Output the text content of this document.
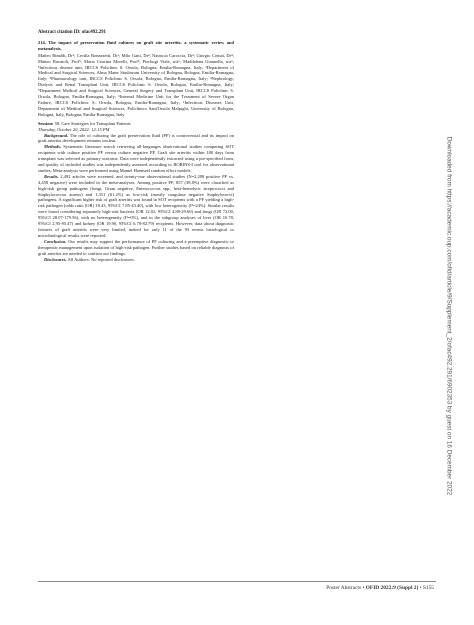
Abstract citation ID: ofac492.291

214. The impact of preservation fluid cultures on graft site arteritis: a systematic review and metanalysis.

Matteo Rinaldi, Dr¹; Cecilia Bonazzetti, Dr¹; Milo Gatti, Dr²; Natascia Caroccia, Dr³; Giorgio Comai, Dr⁴; Matteo Ravaioli, Prof⁵; Maria Cristina Morelli, Prof⁶; Pierluigi Viale, n/a¹; Maddalena Giannella, n/a¹; ¹Infectious disease unit, IRCCS Policlinic S. Orsola, Bologna, Emilia-Romagna, Italy; ²Department of Medical and Surgical Sciences, Alma Mater Studiorum University of Bologna, Bologna, Emilia-Romagna, Italy; ³Pharmacology unit, IRCCS Policlinic S. Orsola, Bologna, Emilia-Romagna, Italy; ⁴Nephrology, Dialysis and Renal Transplant Unit, IRCCS Policlinic S. Orsola, Bologna, Emilia-Romagna, Italy; ⁵Department Medical and Surgical Sciences, General Surgery and Transplant Unit, IRCCS Policlinic S. Orsola, Bologna, Emilia-Romagna, Italy; ⁶Internal Medicine Unit for the Treatment of Severe Organ Failure, IRCCS Policlinic S. Orsola, Bologna, Emilia-Romagna, Italy; ¹Infectious Diseases Unit, Department of Medical and Surgical Sciences, Policlinico Sant'Orsola Malpighi, University of Bologna, Bologna, Italy, Bologna, Emilia-Romagna, Italy

Session: 58. Care Strategies for Transplant Patients

Thursday, October 20, 2022: 12:15 PM

Background. The role of culturing the graft preservation fluid (PF) is controversial and its impact on graft arteritis development remains unclear.

Methods. Systematic literature search retrieving all-languages observational studies comparing SOT recipients with culture positive PF versus culture negative PF. Graft site arteritis within 180 days from transplant was selected as primary outcome. Data were independently extracted using a pre-specified form, and quality of included studies was independently assessed according to ROBINS-I tool for observational studies. Meta-analysis were performed using Mantel Haenszel random effect models.

Results. 2,492 articles were screened, and twenty-one observational studies (N=2,208 positive PF vs. 4,458 negative) were included in the meta-analyses. Among positive PF, 857 (38.8%) were classified as high-risk group pathogens (fungi, Gram negative, Enterococcus spp., beta-hemolytic streptococci and Staphylococcus aureus) and 1,351 (61.2%) as low-risk (mostly coagulase negative Staphylococci) pathogens. A significant higher risk of graft arteritis was found in SOT recipients with a PF yielding a high-risk pathogen (odds ratio [OR] 18.43, 95%CI 7.85-43.40), with low heterogeneity (I²=24%). Similar results were found considering separately high-risk bacteria (OR 12.02, 95%CI 4.88-29.60) and fungi (OR 72.00, 95%CI 28.07-179.56), with no heterogeneity (I²=0%), and in the subgroup analyses of liver (OR 16.78, 95%CI 2.95-95.47) and kidney (OR 19.90, 95%CI 6.78-82.79) recipients. However, data about diagnostic features of graft arteritis were very limited, indeed for only 11 of the 93 events histological or microbiological results were reported.

Conclusion. Our results may support the performance of PF culturing and a preemptive diagnostic or therapeutic management upon isolation of high-risk pathogen. Further studies based on reliable diagnosis of graft arteritis are needed to confirm our findings.

Disclosures. All Authors: No reported disclosures.	Downloaded from https://academic.oup.com/ofid/article/9/Supplement_2/ofac492.291/6902353 by guest on 16 December 2022
Poster Abstracts • OFID 2022:9 (Suppl 2) • S155
